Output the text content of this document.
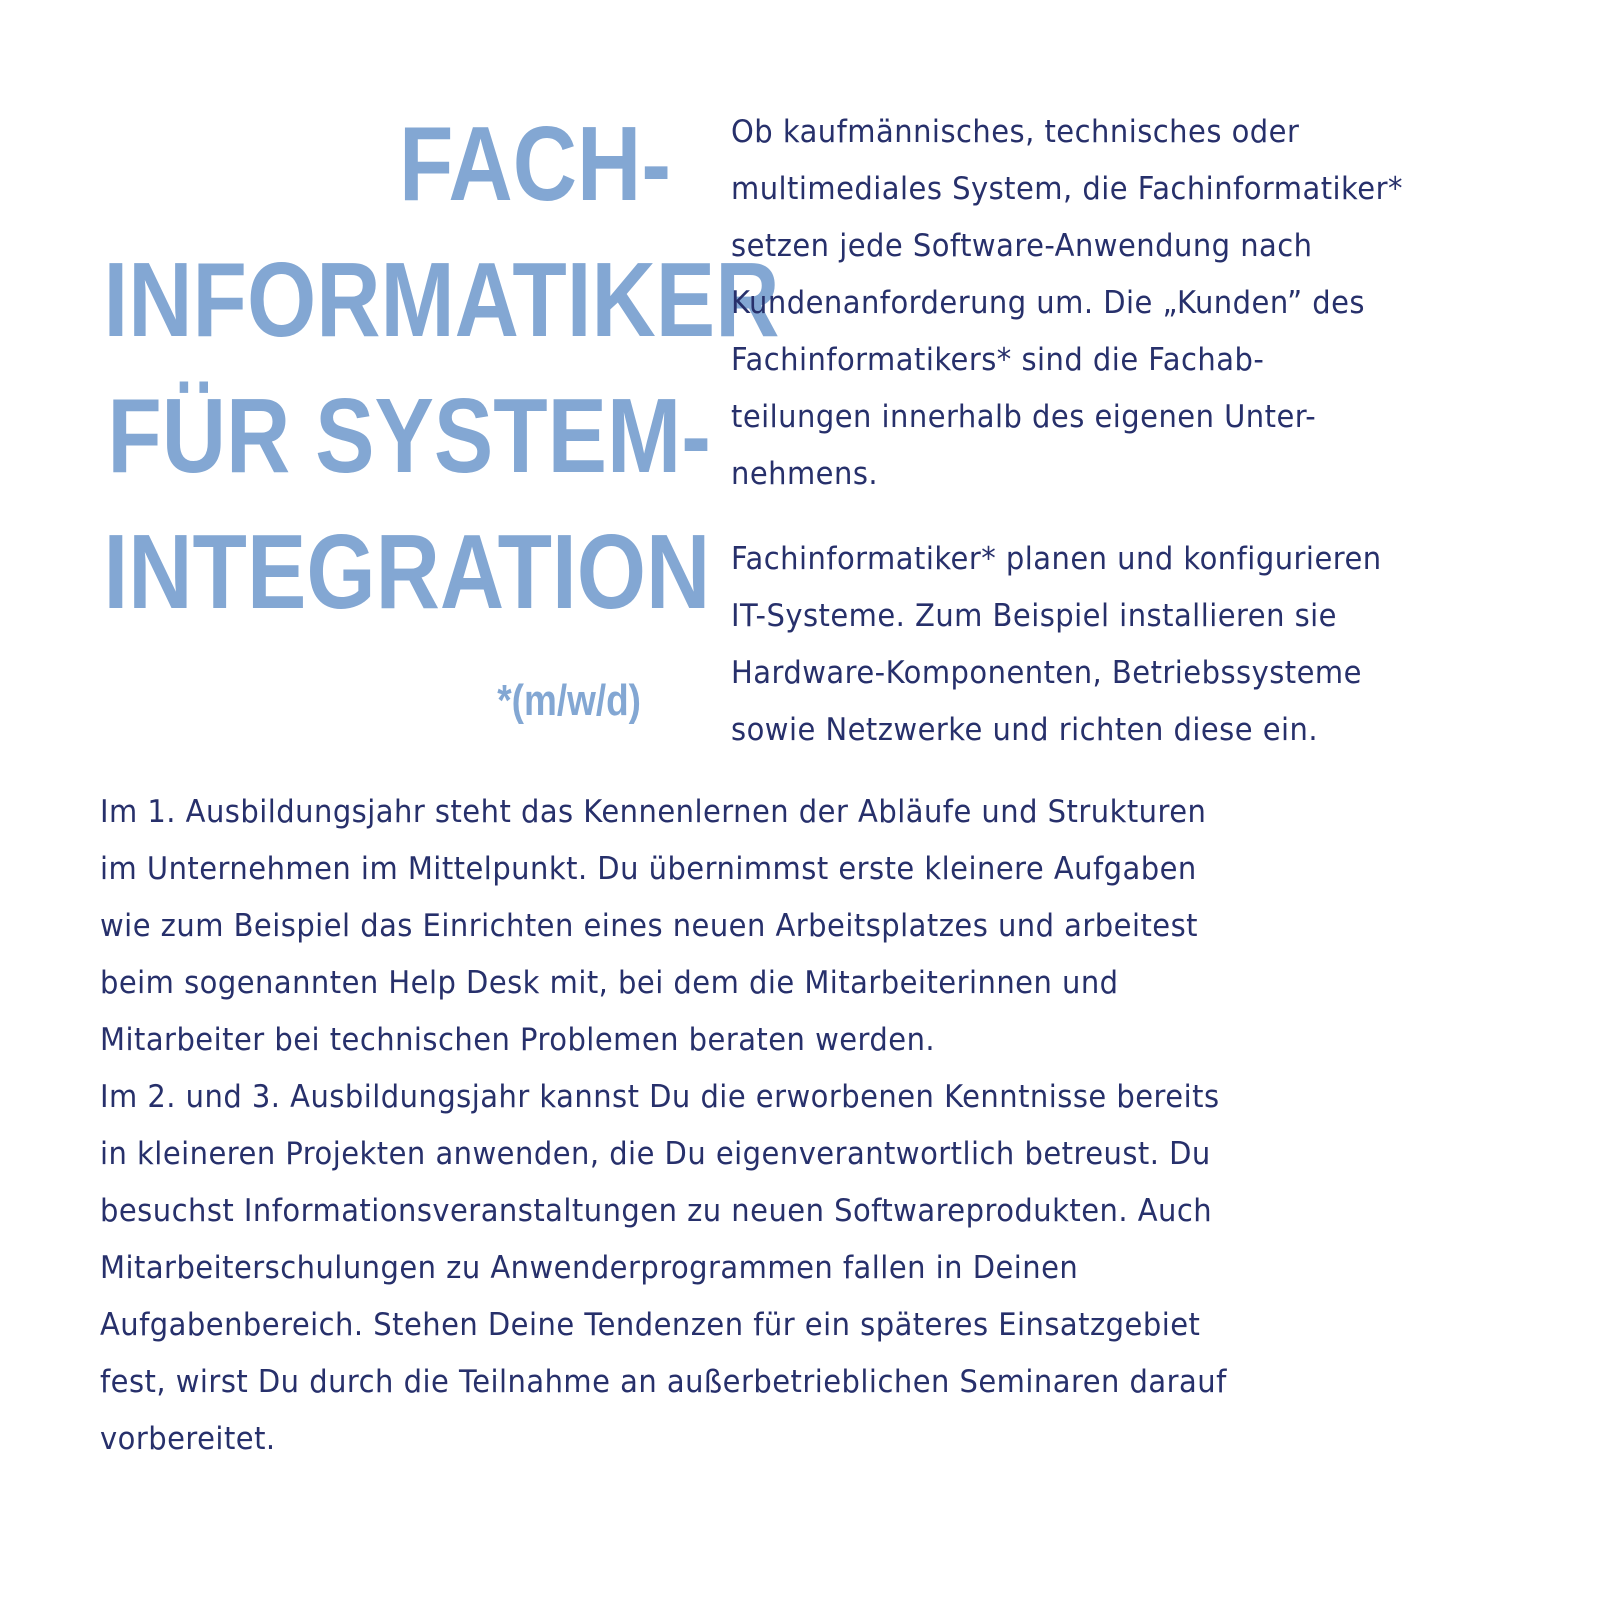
FACH-
INFORMATIKER
FÜR SYSTEM-
INTEGRATION
*(m/w/d)
Ob kaufmännisches, technisches oder
multimediales System, die Fachinformatiker*
setzen jede Software-Anwendung nach
Kundenanforderung um. Die „Kunden” des
Fachinformatikers* sind die Fachab-
teilungen innerhalb des eigenen Unter-
nehmens.
Fachinformatiker* planen und konfigurieren
IT-Systeme. Zum Beispiel installieren sie
Hardware-Komponenten, Betriebssysteme
sowie Netzwerke und richten diese ein.
Im 1. Ausbildungsjahr steht das Kennenlernen der Abläufe und Strukturen
im Unternehmen im Mittelpunkt. Du übernimmst erste kleinere Aufgaben
wie zum Beispiel das Einrichten eines neuen Arbeitsplatzes und arbeitest
beim sogenannten Help Desk mit, bei dem die Mitarbeiterinnen und
Mitarbeiter bei technischen Problemen beraten werden.
Im 2. und 3. Ausbildungsjahr kannst Du die erworbenen Kenntnisse bereits
in kleineren Projekten anwenden, die Du eigenverantwortlich betreust. Du
besuchst Informationsveranstaltungen zu neuen Softwareprodukten. Auch
Mitarbeiterschulungen zu Anwenderprogrammen fallen in Deinen
Aufgabenbereich. Stehen Deine Tendenzen für ein späteres Einsatzgebiet
fest, wirst Du durch die Teilnahme an außerbetrieblichen Seminaren darauf
vorbereitet.
